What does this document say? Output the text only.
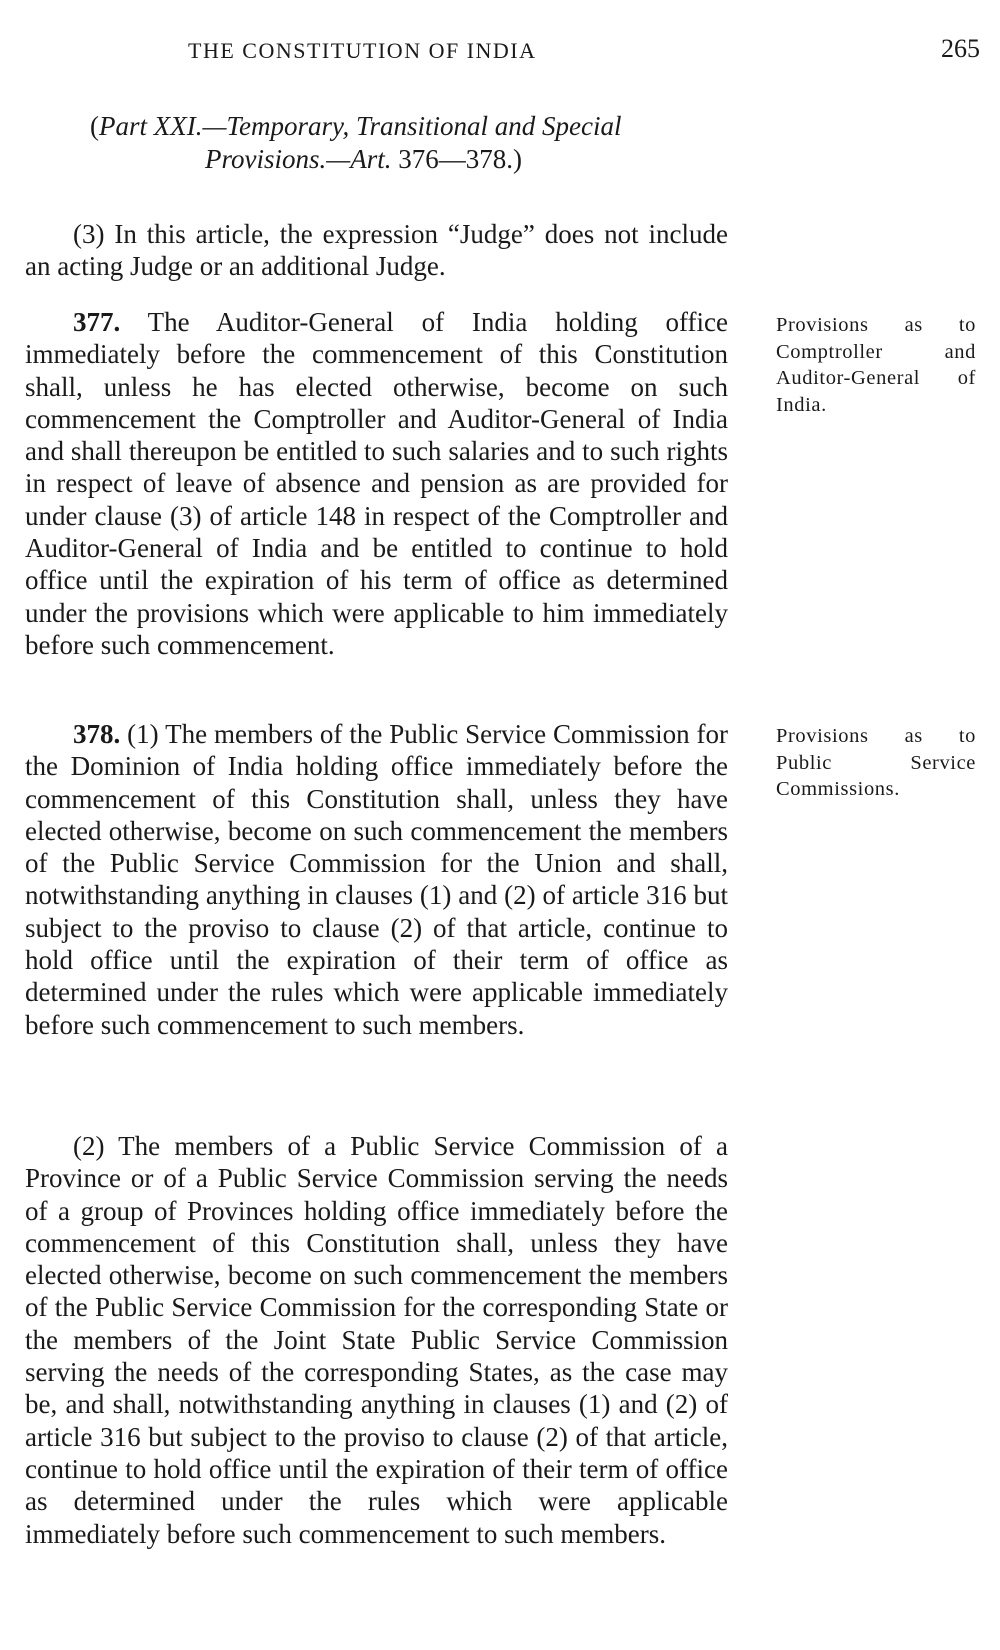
THE CONSTITUTION OF INDIA	265
(Part XXI.—Temporary, Transitional and Special
Provisions.—Art. 376—378.)

(3) In this article, the expression “Judge” does not include an acting Judge or an additional Judge.

377. The Auditor-General of India holding office immediately before the commencement of this Constitution shall, unless he has elected otherwise, become on such commencement the Comptroller and Auditor-General of India and shall thereupon be entitled to such salaries and to such rights in respect of leave of absence and pension as are provided for under clause (3) of article 148 in respect of the Comptroller and Auditor-General of India and be entitled to continue to hold office until the expiration of his term of office as determined under the provisions which were applicable to him immediately before such commencement.

Provisions as to Comptroller and Auditor-General of India.

378. (1) The members of the Public Service Commission for the Dominion of India holding office immediately before the commencement of this Constitution shall, unless they have elected otherwise, become on such commencement the members of the Public Service Commission for the Union and shall, notwithstanding anything in clauses (1) and (2) of article 316 but subject to the proviso to clause (2) of that article, continue to hold office until the expiration of their term of office as determined under the rules which were applicable immediately before such commencement to such members.

Provisions as to Public Service Commissions.

(2) The members of a Public Service Commission of a Province or of a Public Service Commission serving the needs of a group of Provinces holding office immediately before the commencement of this Constitution shall, unless they have elected otherwise, become on such commencement the members of the Public Service Commission for the corresponding State or the members of the Joint State Public Service Commission serving the needs of the corresponding States, as the case may be, and shall, notwithstanding anything in clauses (1) and (2) of article 316 but subject to the proviso to clause (2) of that article, continue to hold office until the expiration of their term of office as determined under the rules which were applicable immediately before such commencement to such members.
